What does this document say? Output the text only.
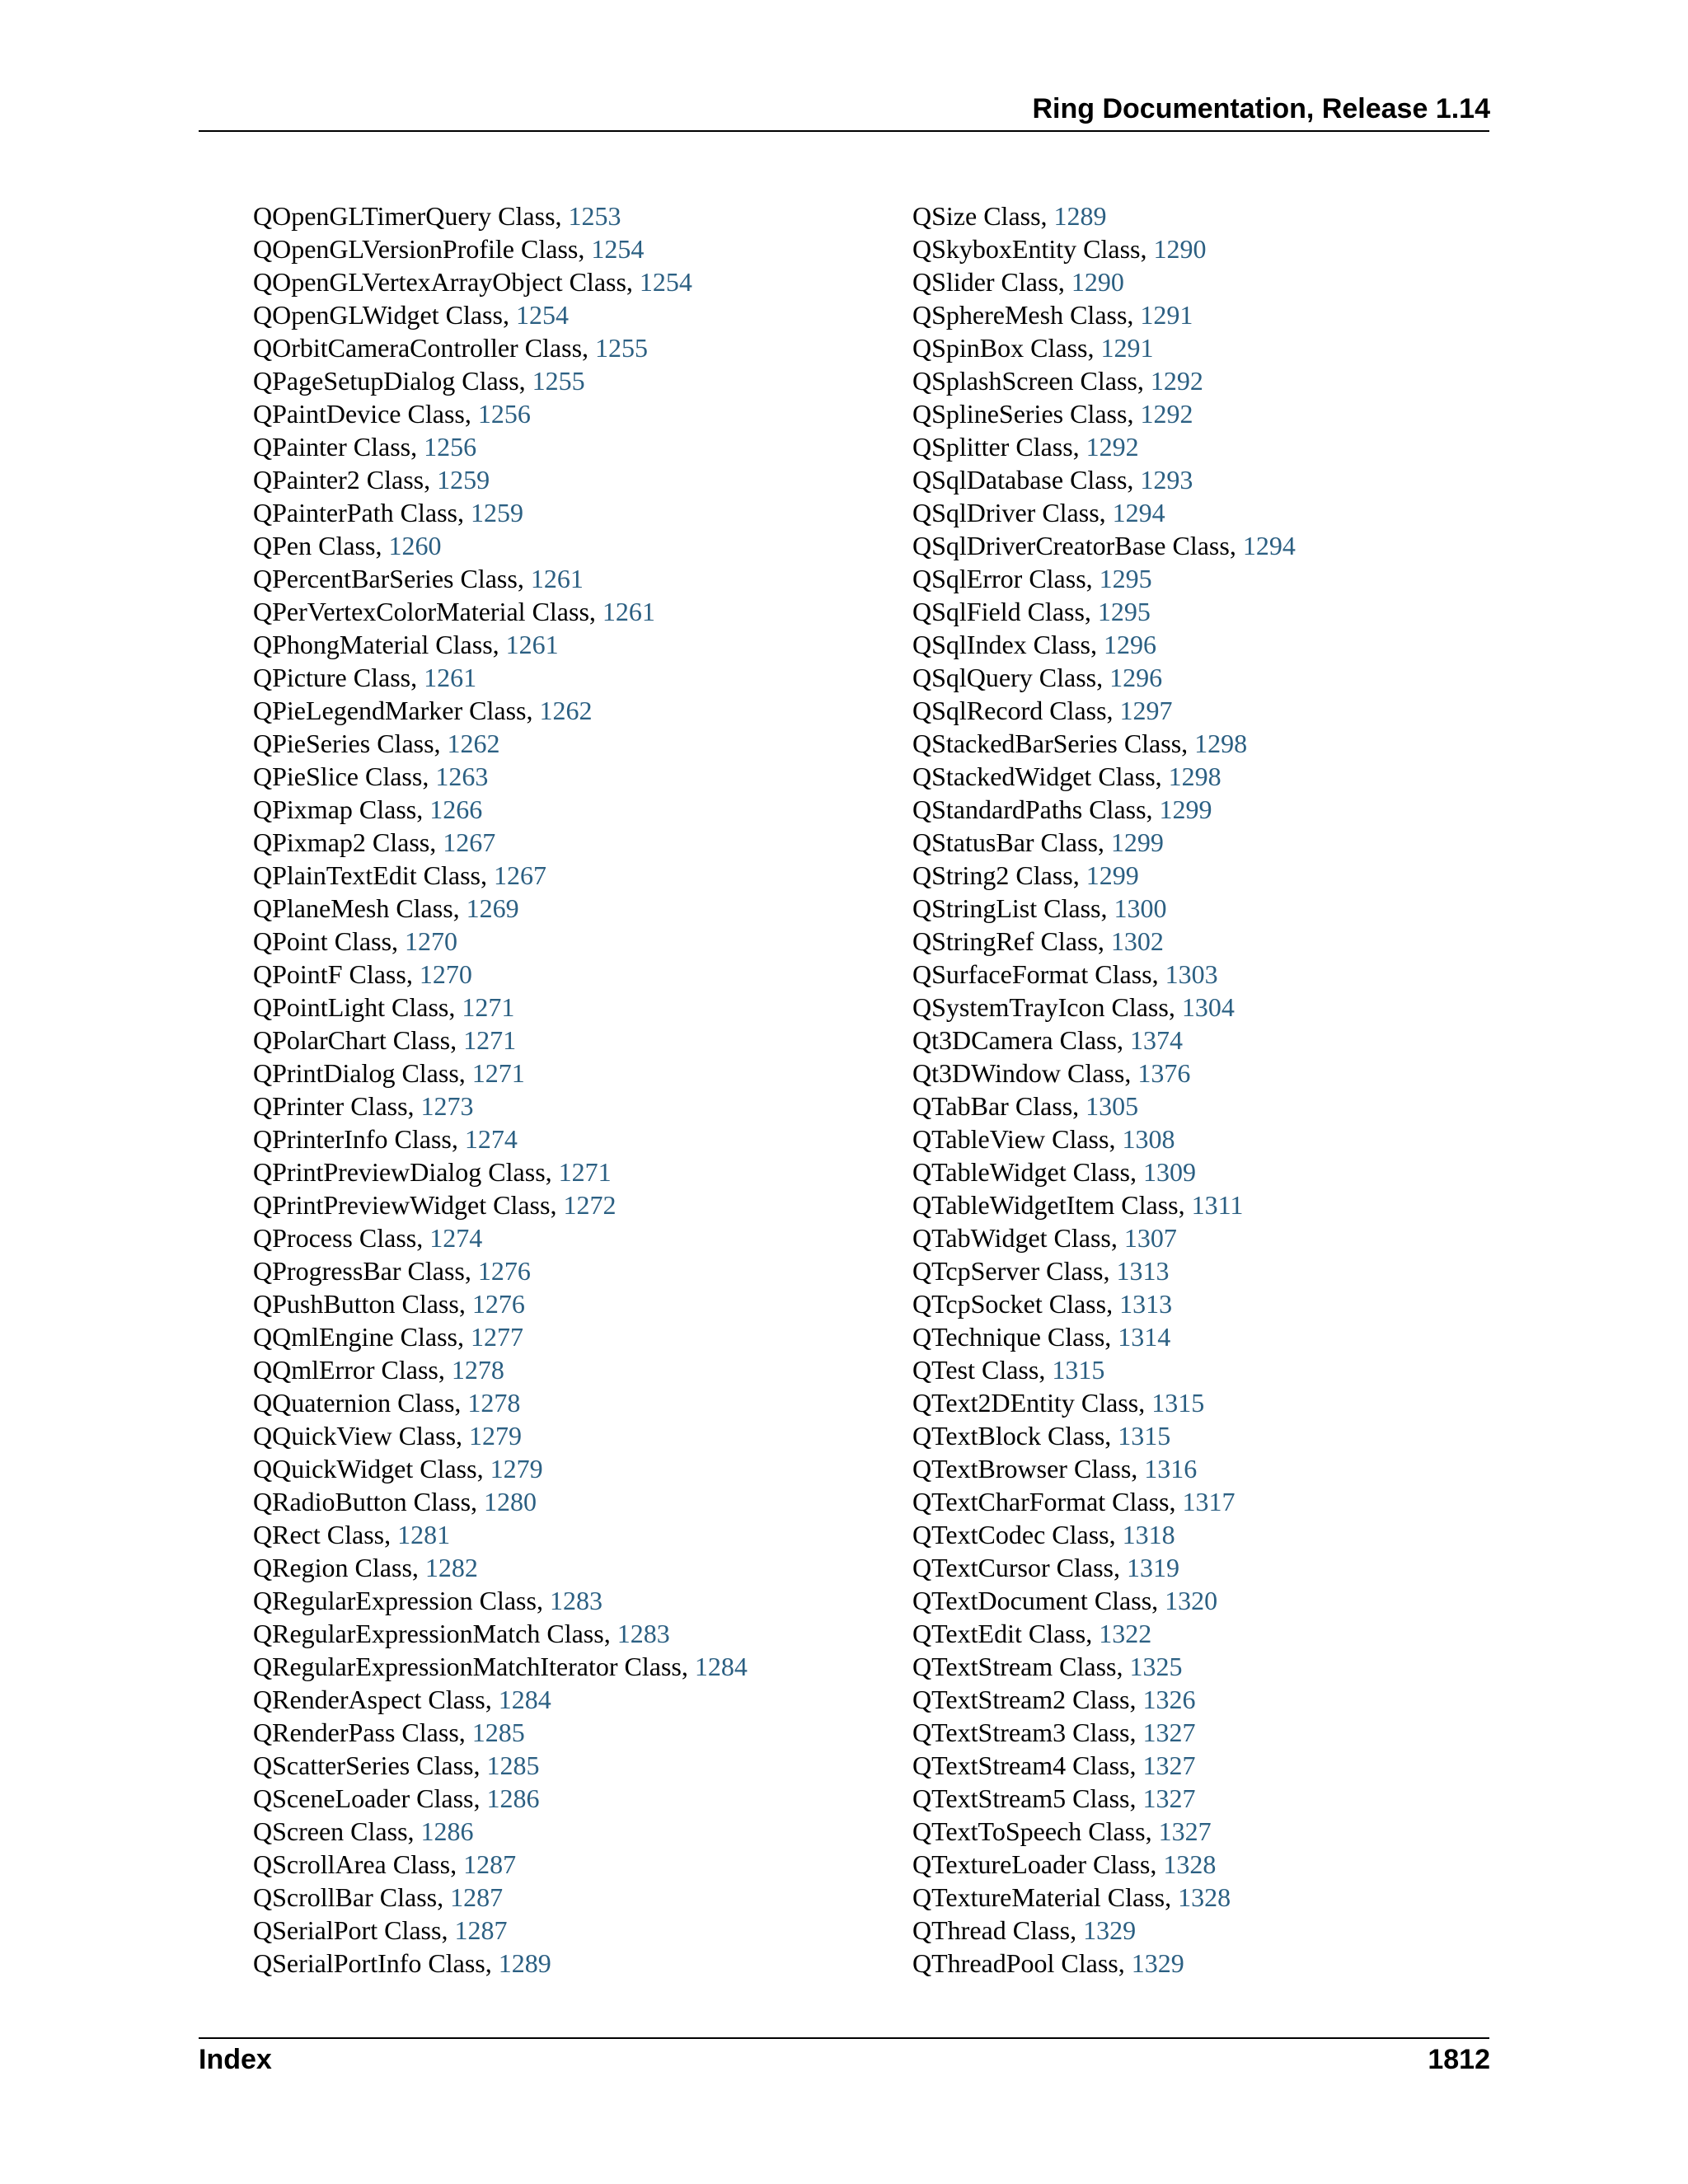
Ring Documentation, Release 1.14
QOpenGLTimerQuery Class, 1253
QOpenGLVersionProfile Class, 1254
QOpenGLVertexArrayObject Class, 1254
QOpenGLWidget Class, 1254
QOrbitCameraController Class, 1255
QPageSetupDialog Class, 1255
QPaintDevice Class, 1256
QPainter Class, 1256
QPainter2 Class, 1259
QPainterPath Class, 1259
QPen Class, 1260
QPercentBarSeries Class, 1261
QPerVertexColorMaterial Class, 1261
QPhongMaterial Class, 1261
QPicture Class, 1261
QPieLegendMarker Class, 1262
QPieSeries Class, 1262
QPieSlice Class, 1263
QPixmap Class, 1266
QPixmap2 Class, 1267
QPlainTextEdit Class, 1267
QPlaneMesh Class, 1269
QPoint Class, 1270
QPointF Class, 1270
QPointLight Class, 1271
QPolarChart Class, 1271
QPrintDialog Class, 1271
QPrinter Class, 1273
QPrinterInfo Class, 1274
QPrintPreviewDialog Class, 1271
QPrintPreviewWidget Class, 1272
QProcess Class, 1274
QProgressBar Class, 1276
QPushButton Class, 1276
QQmlEngine Class, 1277
QQmlError Class, 1278
QQuaternion Class, 1278
QQuickView Class, 1279
QQuickWidget Class, 1279
QRadioButton Class, 1280
QRect Class, 1281
QRegion Class, 1282
QRegularExpression Class, 1283
QRegularExpressionMatch Class, 1283
QRegularExpressionMatchIterator Class, 1284
QRenderAspect Class, 1284
QRenderPass Class, 1285
QScatterSeries Class, 1285
QSceneLoader Class, 1286
QScreen Class, 1286
QScrollArea Class, 1287
QScrollBar Class, 1287
QSerialPort Class, 1287
QSerialPortInfo Class, 1289
QSize Class, 1289
QSkyboxEntity Class, 1290
QSlider Class, 1290
QSphereMesh Class, 1291
QSpinBox Class, 1291
QSplashScreen Class, 1292
QSplineSeries Class, 1292
QSplitter Class, 1292
QSqlDatabase Class, 1293
QSqlDriver Class, 1294
QSqlDriverCreatorBase Class, 1294
QSqlError Class, 1295
QSqlField Class, 1295
QSqlIndex Class, 1296
QSqlQuery Class, 1296
QSqlRecord Class, 1297
QStackedBarSeries Class, 1298
QStackedWidget Class, 1298
QStandardPaths Class, 1299
QStatusBar Class, 1299
QString2 Class, 1299
QStringList Class, 1300
QStringRef Class, 1302
QSurfaceFormat Class, 1303
QSystemTrayIcon Class, 1304
Qt3DCamera Class, 1374
Qt3DWindow Class, 1376
QTabBar Class, 1305
QTableView Class, 1308
QTableWidget Class, 1309
QTableWidgetItem Class, 1311
QTabWidget Class, 1307
QTcpServer Class, 1313
QTcpSocket Class, 1313
QTechnique Class, 1314
QTest Class, 1315
QText2DEntity Class, 1315
QTextBlock Class, 1315
QTextBrowser Class, 1316
QTextCharFormat Class, 1317
QTextCodec Class, 1318
QTextCursor Class, 1319
QTextDocument Class, 1320
QTextEdit Class, 1322
QTextStream Class, 1325
QTextStream2 Class, 1326
QTextStream3 Class, 1327
QTextStream4 Class, 1327
QTextStream5 Class, 1327
QTextToSpeech Class, 1327
QTextureLoader Class, 1328
QTextureMaterial Class, 1328
QThread Class, 1329
QThreadPool Class, 1329
Index	1812
